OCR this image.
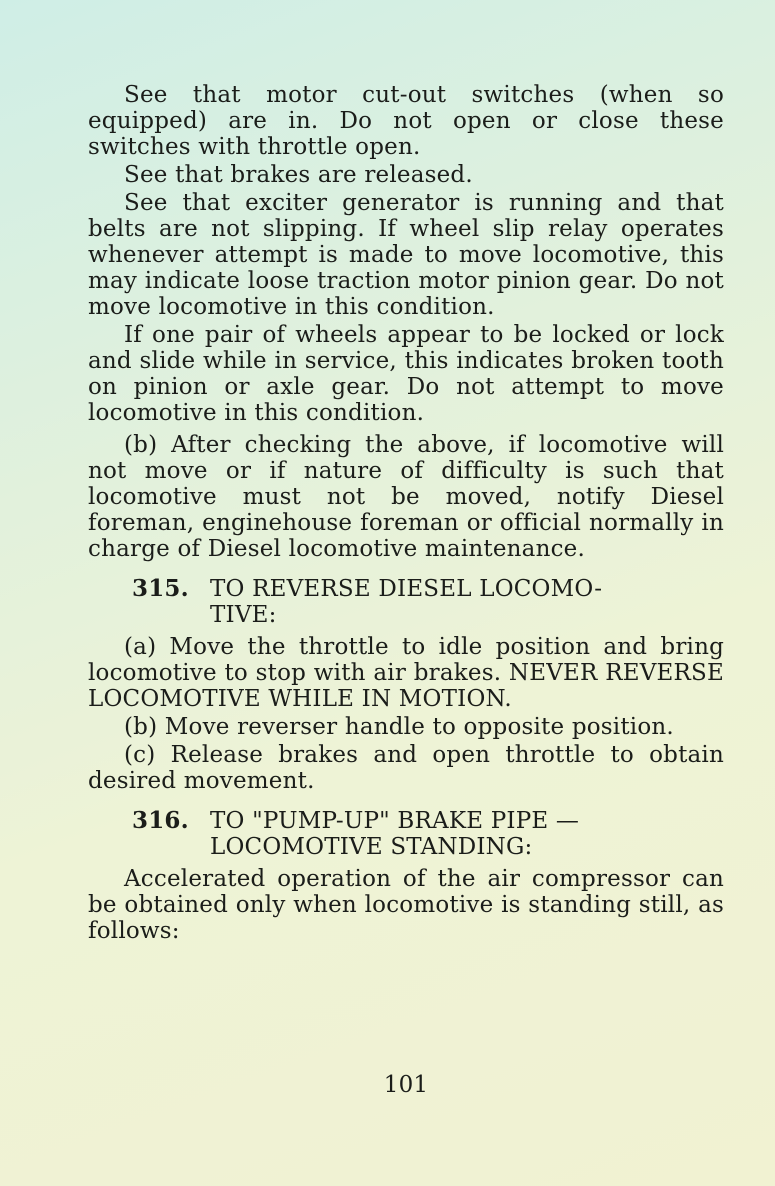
See that motor cut-out switches (when so equipped) are in. Do not open or close these switches with throttle open.

See that brakes are released.

See that exciter generator is running and that belts are not slipping. If wheel slip relay operates whenever attempt is made to move locomotive, this may indicate loose traction motor pinion gear. Do not move locomotive in this condition.

If one pair of wheels appear to be locked or lock and slide while in service, this indicates broken tooth on pinion or axle gear. Do not attempt to move locomotive in this condition.

(b) After checking the above, if locomotive will not move or if nature of difficulty is such that locomotive must not be moved, notify Diesel foreman, enginehouse foreman or official normally in charge of Diesel locomotive maintenance.

315. TO REVERSE DIESEL LOCOMO-
TIVE:

(a) Move the throttle to idle position and bring locomotive to stop with air brakes. NEVER REVERSE LOCOMOTIVE WHILE IN MOTION.

(b) Move reverser handle to opposite position.

(c) Release brakes and open throttle to obtain desired movement.

316. TO "PUMP-UP" BRAKE PIPE —
LOCOMOTIVE STANDING:

Accelerated operation of the air compressor can be obtained only when locomotive is standing still, as follows:

101
